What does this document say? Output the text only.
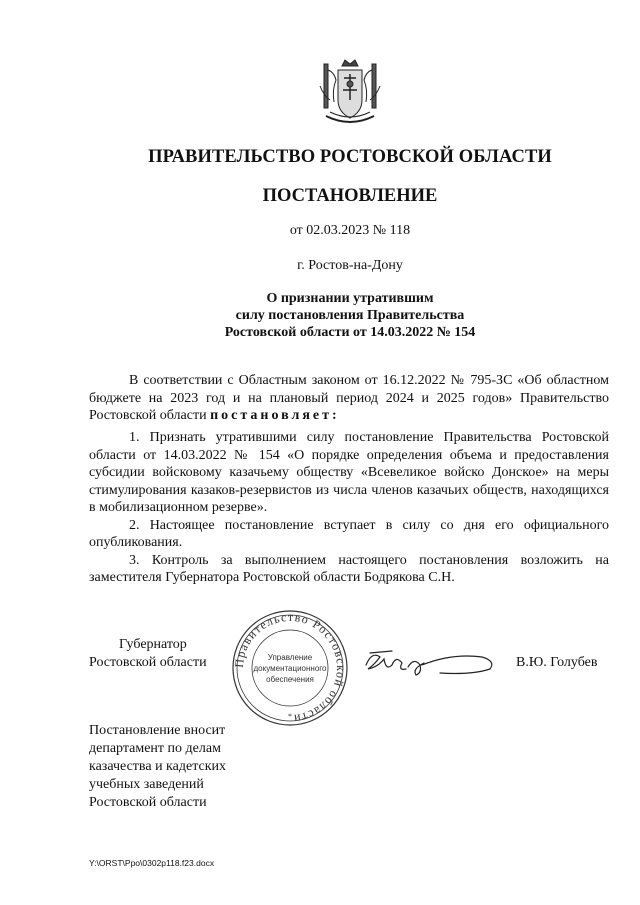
ПРАВИТЕЛЬСТВО РОСТОВСКОЙ ОБЛАСТИ
ПОСТАНОВЛЕНИЕ
от 02.03.2023 № 118
г. Ростов-на-Дону
О признании утратившим
силу постановления Правительства
Ростовской области от 14.03.2022 № 154
В соответствии с Областным законом от 16.12.2022 № 795-ЗС «Об областном бюджете на 2023 год и на плановый период 2024 и 2025 годов» Правительство Ростовской области постановляет:

1. Признать утратившими силу постановление Правительства Ростовской области от 14.03.2022 № 154 «О порядке определения объема и предоставления субсидии войсковому казачьему обществу «Всевеликое войско Донское» на меры стимулирования казаков-резервистов из числа членов казачьих обществ, находящихся в мобилизационном резерве».

2. Настоящее постановление вступает в силу со дня его официального опубликования.

3. Контроль за выполнением настоящего постановления возложить на заместителя Губернатора Ростовской области Бодрякова С.Н.

Губернатор
Ростовской области Правительство Ростовской области
Управление
документационного
обеспечения
*
В.Ю. Голубев
Постановление вносит
департамент по делам
казачества и кадетских
учебных заведений
Ростовской области
Y:\ORST\Ppo\0302p118.f23.docx
